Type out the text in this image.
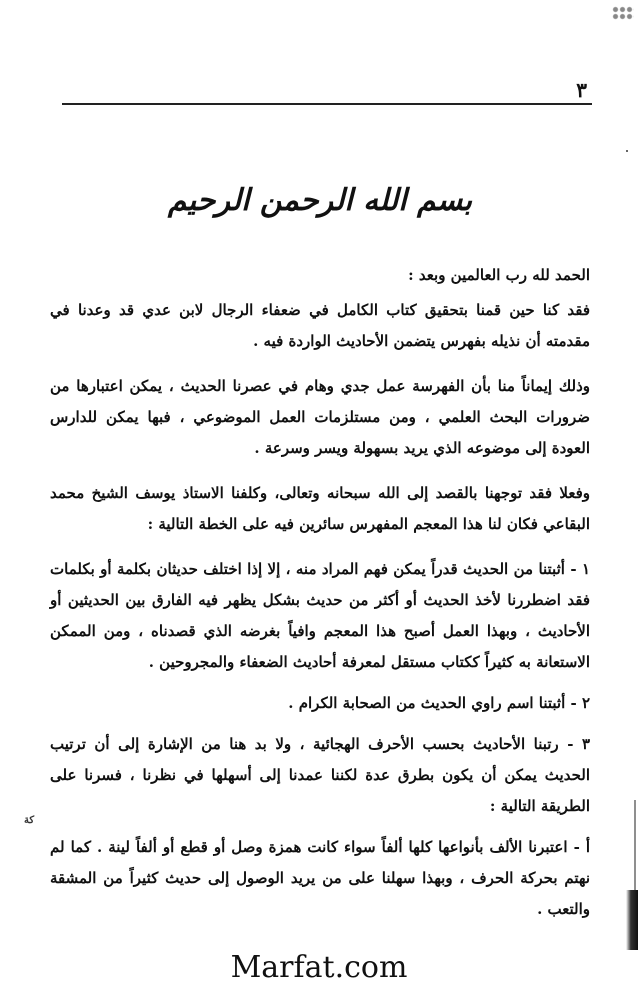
٣
بسم الله الرحمن الرحيم

الحمد لله رب العالمين وبعد :

فقد كنا حين قمنا بتحقيق كتاب الكامل في ضعفاء الرجال لابن عدي قد وعدنا في مقدمته أن نذيله بفهرس يتضمن الأحاديث الواردة فيه .

وذلك إيماناً منا بأن الفهرسة عمل جدي وهام في عصرنا الحديث ، يمكن اعتبارها من ضرورات البحث العلمي ، ومن مستلزمات العمل الموضوعي ، فبها يمكن للدارس العودة إلى موضوعه الذي يريد بسهولة ويسر وسرعة .

وفعلا فقد توجهنا بالقصد إلى الله سبحانه وتعالى، وكلفنا الاستاذ يوسف الشيخ محمد البقاعي فكان لنا هذا المعجم المفهرس سائرين فيه على الخطة التالية :

١ - أثبتنا من الحديث قدراً يمكن فهم المراد منه ، إلا إذا اختلف حديثان بكلمة أو بكلمات فقد اضطررنا لأخذ الحديث أو أكثر من حديث بشكل يظهر فيه الفارق بين الحديثين أو الأحاديث ، وبهذا العمل أصبح هذا المعجم وافياً بغرضه الذي قصدناه ، ومن الممكن الاستعانة به كثيراً ككتاب مستقل لمعرفة أحاديث الضعفاء والمجروحين .

٢ - أثبتنا اسم راوي الحديث من الصحابة الكرام .

٣ - رتبنا الأحاديث بحسب الأحرف الهجائية ، ولا بد هنا من الإشارة إلى أن ترتيب الحديث يمكن أن يكون بطرق عدة لكننا عمدنا إلى أسهلها في نظرنا ، فسرنا على الطريقة التالية :

أ - اعتبرنا الألف بأنواعها كلها ألفاً سواء كانت همزة وصل أو قطع أو ألفاً لينة . كما لم نهتم بحركة الحرف ، وبهذا سهلنا على من يريد الوصول إلى حديث كثيراً من المشقة والتعب .

كة
Marfat.com
